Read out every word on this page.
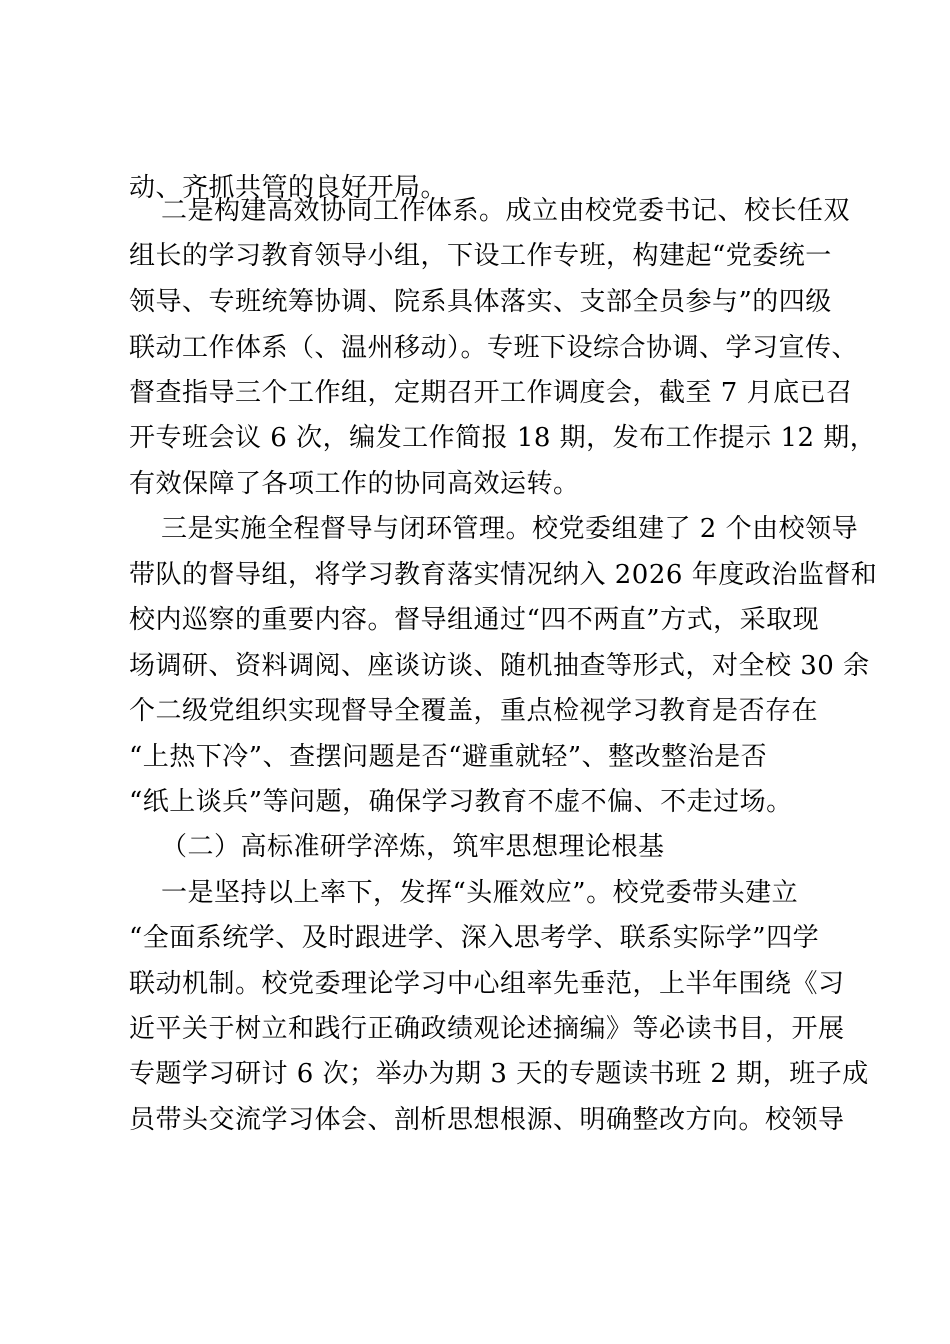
动、齐抓共管的良好开局。
二是构建高效协同工作体系。成立由校党委书记、校长任双
组长的学习教育领导小组，下设工作专班，构建起“党委统一
领导、专班统筹协调、院系具体落实、支部全员参与”的四级
联动工作体系（、温州移动）。专班下设综合协调、学习宣传、
督查指导三个工作组，定期召开工作调度会，截至 7 月底已召
开专班会议 6 次，编发工作简报 18 期，发布工作提示 12 期，
有效保障了各项工作的协同高效运转。
三是实施全程督导与闭环管理。校党委组建了 2 个由校领导
带队的督导组，将学习教育落实情况纳入 2026 年度政治监督和
校内巡察的重要内容。督导组通过“四不两直”方式，采取现
场调研、资料调阅、座谈访谈、随机抽查等形式，对全校 30 余
个二级党组织实现督导全覆盖，重点检视学习教育是否存在
“上热下冷”、查摆问题是否“避重就轻”、整改整治是否
“纸上谈兵”等问题，确保学习教育不虚不偏、不走过场。
（二）高标准研学淬炼，筑牢思想理论根基
一是坚持以上率下，发挥“头雁效应”。校党委带头建立
“全面系统学、及时跟进学、深入思考学、联系实际学”四学
联动机制。校党委理论学习中心组率先垂范，上半年围绕《习
近平关于树立和践行正确政绩观论述摘编》等必读书目，开展
专题学习研讨 6 次；举办为期 3 天的专题读书班 2 期，班子成
员带头交流学习体会、剖析思想根源、明确整改方向。校领导
